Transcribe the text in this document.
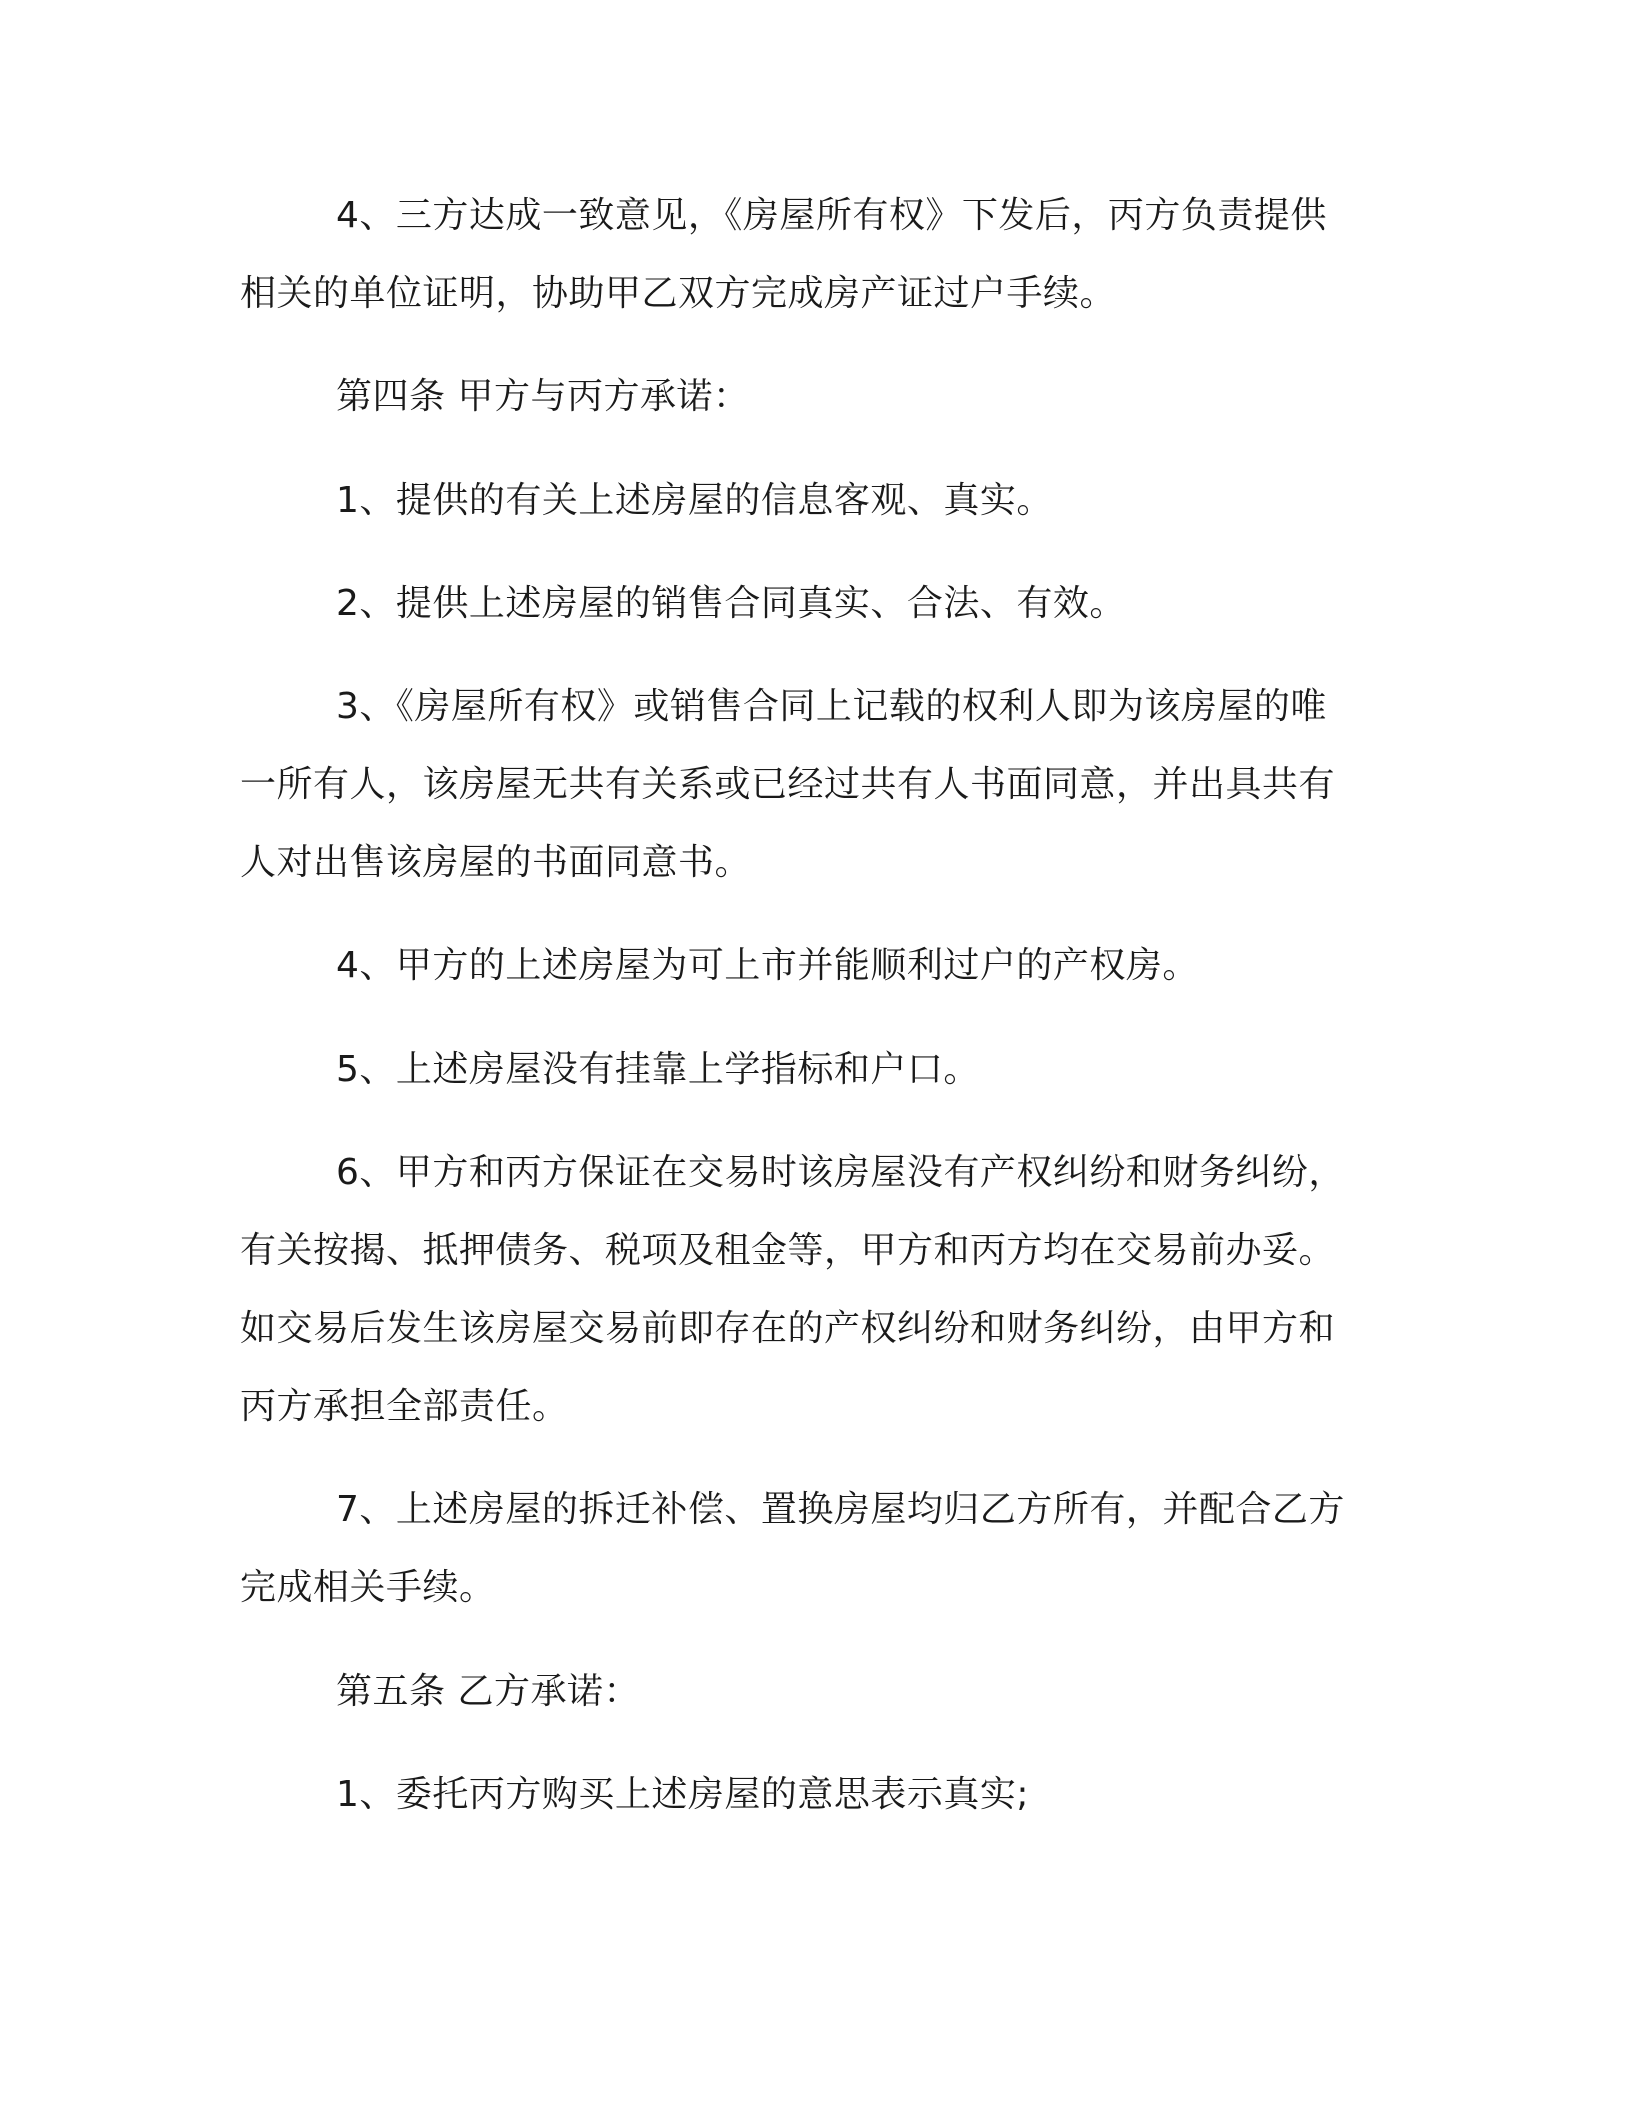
4、三方达成一致意见，《房屋所有权》下发后，丙方负责提供
相关的单位证明，协助甲乙双方完成房产证过户手续。
第四条 甲方与丙方承诺：
1、提供的有关上述房屋的信息客观、真实。
2、提供上述房屋的销售合同真实、合法、有效。
3、《房屋所有权》或销售合同上记载的权利人即为该房屋的唯
一所有人，该房屋无共有关系或已经过共有人书面同意，并出具共有
人对出售该房屋的书面同意书。
4、甲方的上述房屋为可上市并能顺利过户的产权房。
5、上述房屋没有挂靠上学指标和户口。
6、甲方和丙方保证在交易时该房屋没有产权纠纷和财务纠纷，
有关按揭、抵押债务、税项及租金等，甲方和丙方均在交易前办妥。
如交易后发生该房屋交易前即存在的产权纠纷和财务纠纷，由甲方和
丙方承担全部责任。
7、上述房屋的拆迁补偿、置换房屋均归乙方所有，并配合乙方
完成相关手续。
第五条 乙方承诺：
1、委托丙方购买上述房屋的意思表示真实;
